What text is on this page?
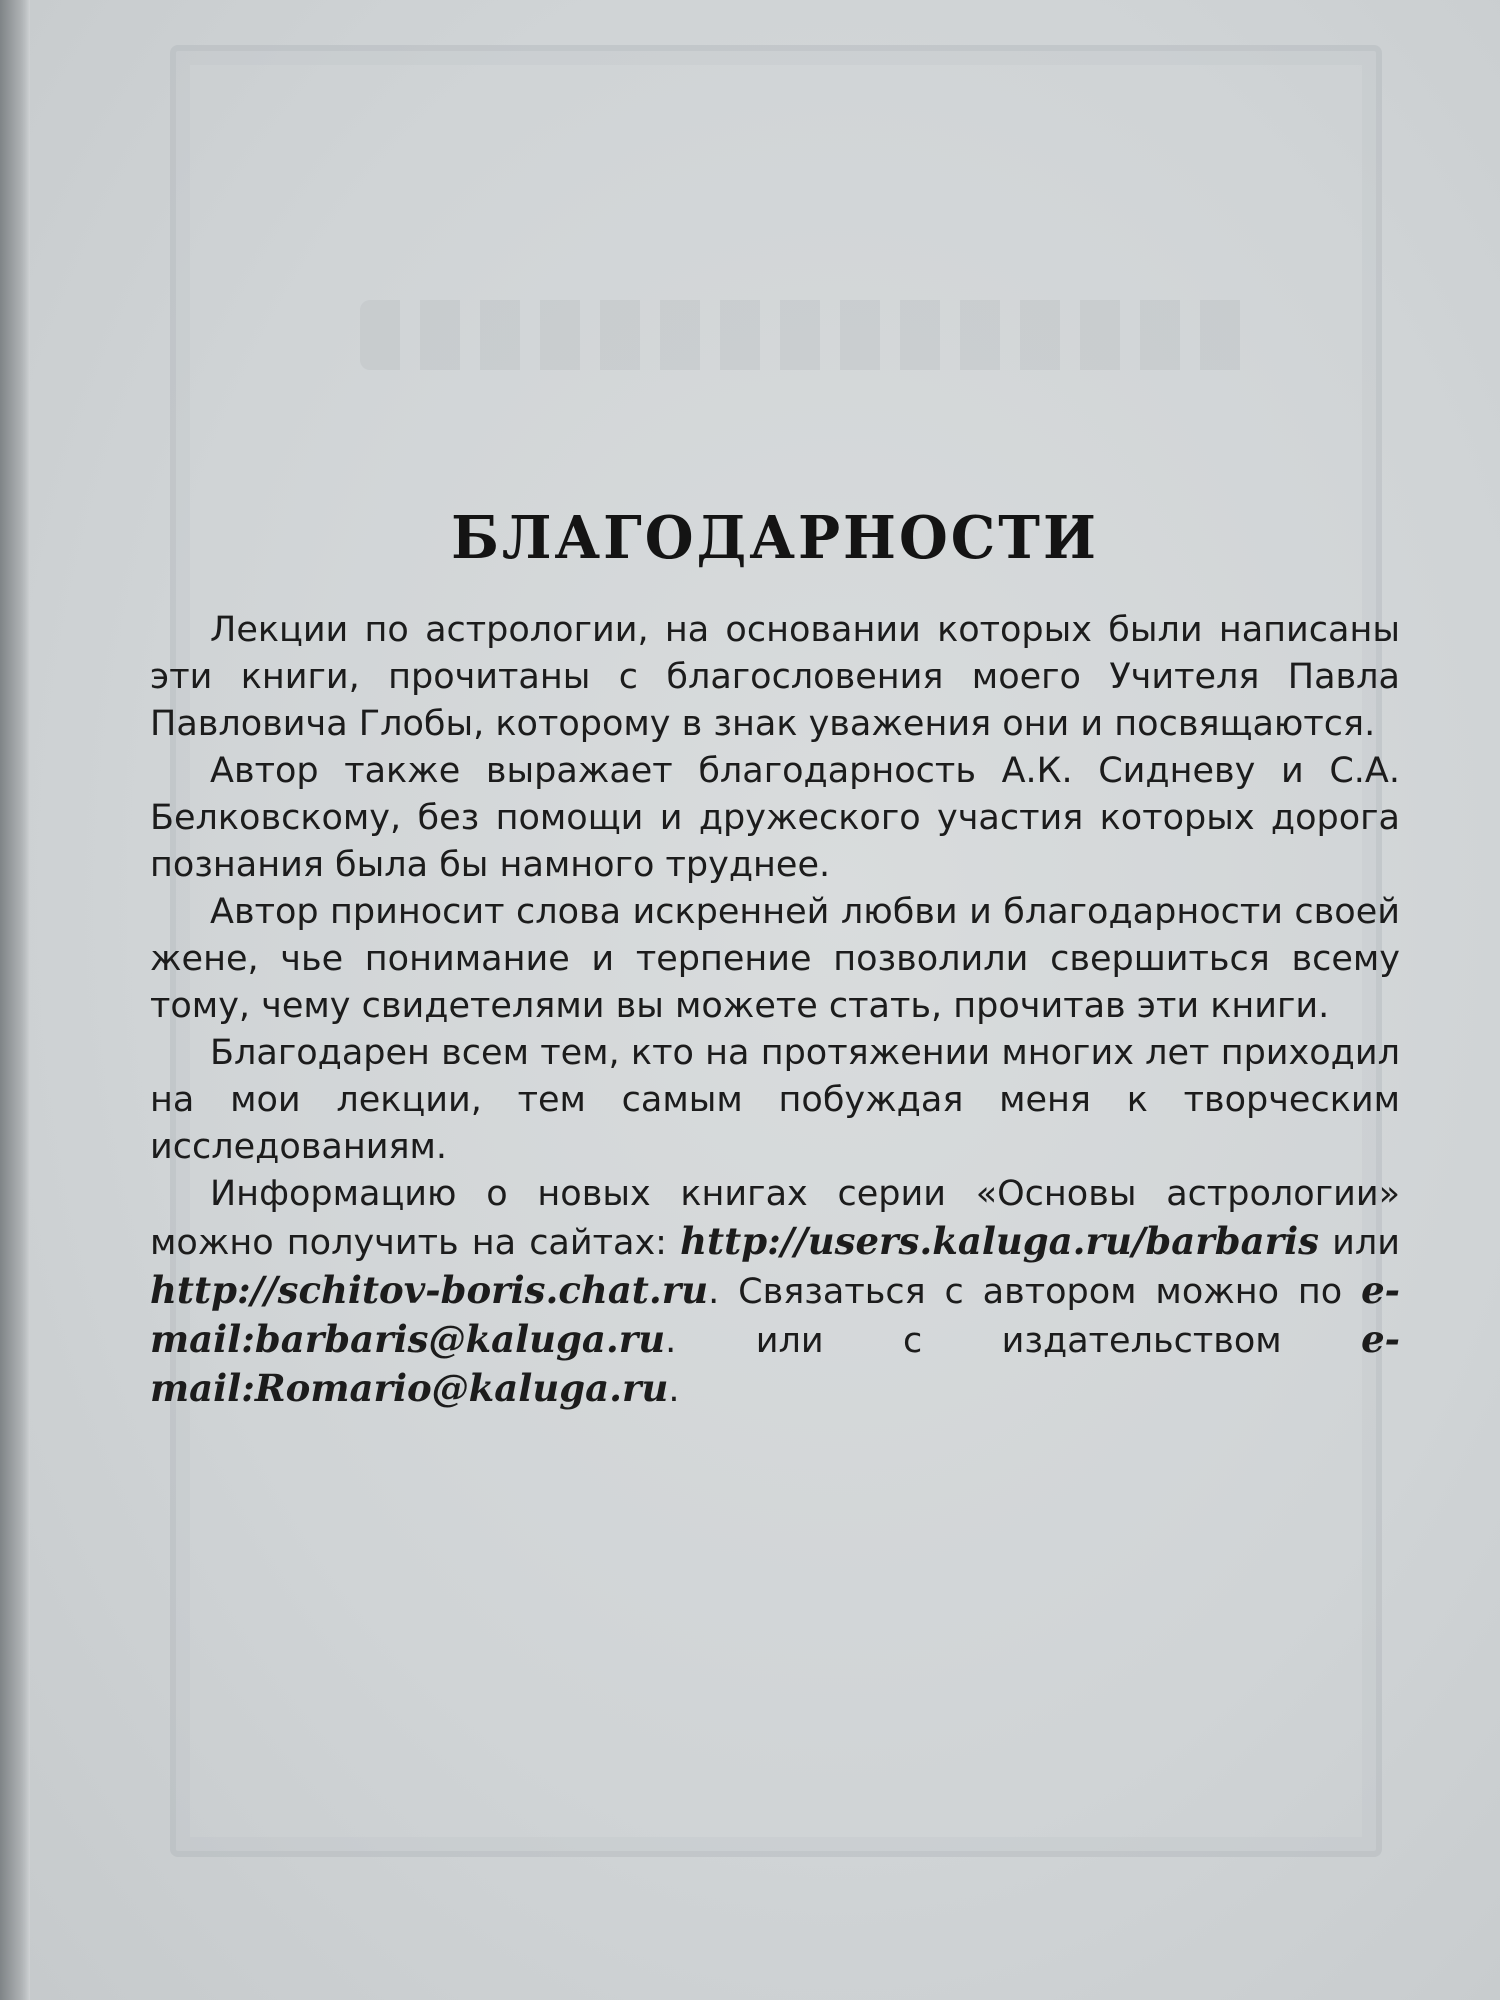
БЛАГОДАРНОСТИ

Лекции по астрологии, на основании которых были написаны эти книги, прочитаны с благословения моего Учителя Павла Павловича Глобы, которому в знак уважения они и посвящаются.

Автор также выражает благодарность А.К. Сидневу и С.А. Белковскому, без помощи и дружеского участия которых дорога познания была бы намного труднее.

Автор приносит слова искренней любви и благодарности своей жене, чье понимание и терпение позволили свершиться всему тому, чему свидетелями вы можете стать, прочитав эти книги.

Благодарен всем тем, кто на протяжении многих лет приходил на мои лекции, тем самым побуждая меня к творческим исследованиям.

Информацию о новых книгах серии «Основы астрологии» можно получить на сайтах: http://users.kaluga.ru/barbaris или http://schitov-boris.chat.ru. Связаться с автором можно по e-mail:barbaris@kaluga.ru. или с издательством e-mail:Romario@kaluga.ru.
